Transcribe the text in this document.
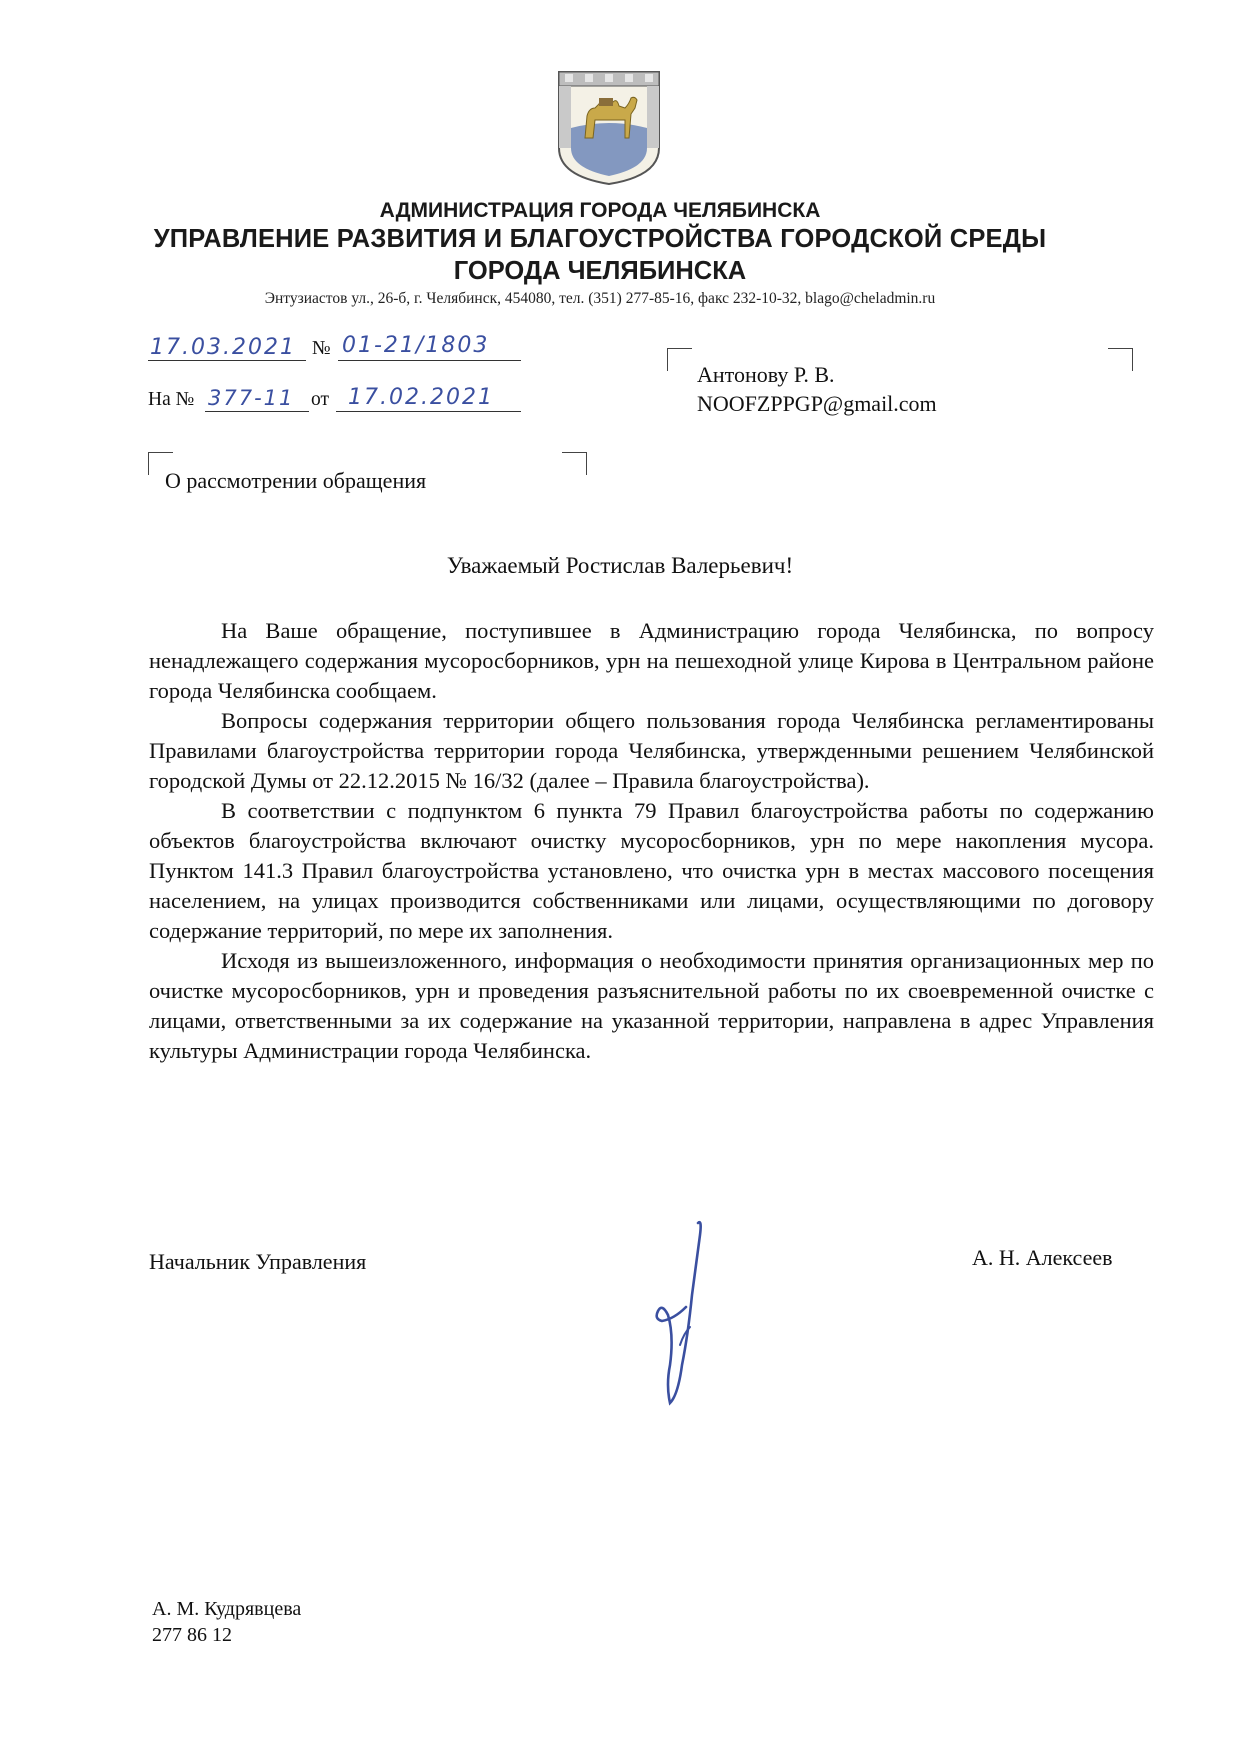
АДМИНИСТРАЦИЯ ГОРОДА ЧЕЛЯБИНСКА
УПРАВЛЕНИЕ РАЗВИТИЯ И БЛАГОУСТРОЙСТВА ГОРОДСКОЙ СРЕДЫ
ГОРОДА ЧЕЛЯБИНСКА
Энтузиастов ул., 26-б, г. Челябинск, 454080, тел. (351) 277-85-16, факс 232-10-32, blago@cheladmin.ru
17.03.2021 № 01-21/1803
На № 377-11 от 17.02.2021
Антонову Р. В.
NOOFZPPGP@gmail.com
О рассмотрении обращения
Уважаемый Ростислав Валерьевич!

На Ваше обращение, поступившее в Администрацию города Челябинска, по вопросу ненадлежащего содержания мусоросборников, урн на пешеходной улице Кирова в Центральном районе города Челябинска сообщаем.

Вопросы содержания территории общего пользования города Челябинска регламентированы Правилами благоустройства территории города Челябинска, утвержденными решением Челябинской городской Думы от 22.12.2015 № 16/32 (далее – Правила благоустройства).

В соответствии с подпунктом 6 пункта 79 Правил благоустройства работы по содержанию объектов благоустройства включают очистку мусоросборников, урн по мере накопления мусора. Пунктом 141.3 Правил благоустройства установлено, что очистка урн в местах массового посещения населением, на улицах производится собственниками или лицами, осуществляющими по договору содержание территорий, по мере их заполнения.

Исходя из вышеизложенного, информация о необходимости принятия организационных мер по очистке мусоросборников, урн и проведения разъяснительной работы по их своевременной очистке с лицами, ответственными за их содержание на указанной территории, направлена в адрес Управления культуры Администрации города Челябинска.

Начальник Управления	А. Н. Алексеев
А. М. Кудрявцева
277 86 12
